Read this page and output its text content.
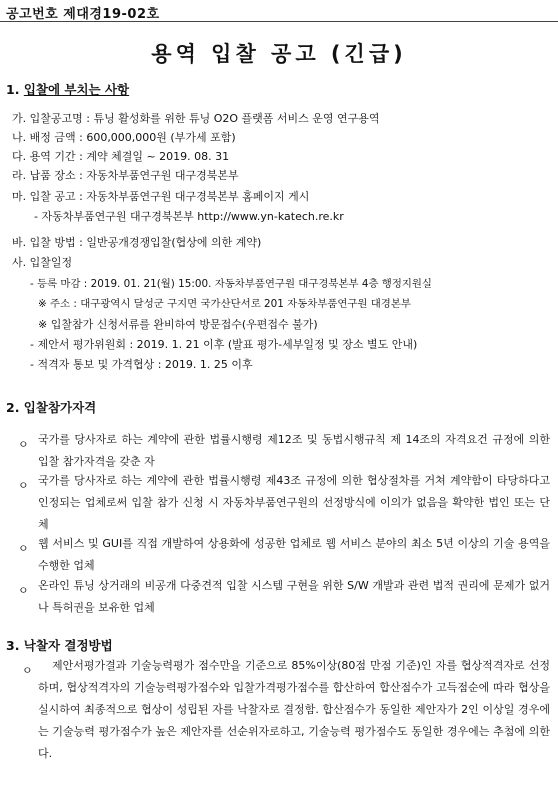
공고번호 제대경19-02호
용역 입찰 공고 (긴급)
1. 입찰에 부치는 사항
가. 입찰공고명 : 튜닝 활성화를 위한 튜닝 O2O 플랫폼 서비스 운영 연구용역
나. 배정 금액 : 600,000,000원 (부가세 포함)
다. 용역 기간 : 계약 체결일 ~ 2019. 08. 31
라. 납품 장소 : 자동차부품연구원 대구경북본부
마. 입찰 공고 : 자동차부품연구원 대구경북본부 홈페이지 게시
- 자동차부품연구원 대구경북본부 http://www.yn-katech.re.kr
바. 입찰 방법 : 일반공개경쟁입찰(협상에 의한 계약)
사. 입찰일정
- 등록 마감 : 2019. 01. 21(월) 15:00. 자동차부품연구원 대구경북본부 4층 행정지원실
※ 주소 : 대구광역시 달성군 구지면 국가산단서로 201 자동차부품연구원 대경본부
※ 입찰참가 신청서류를 완비하여 방문접수(우편접수 불가)
- 제안서 평가위원회 : 2019. 1. 21 이후 (발표 평가-세부일정 및 장소 별도 안내)
- 적격자 통보 및 가격협상 : 2019. 1. 25 이후
2. 입찰참가자격
ㅇ 국가를 당사자로 하는 계약에 관한 법률시행령 제12조 및 동법시행규칙 제 14조의 자격요건 규정에 의한 입찰 참가자격을 갖춘 자
ㅇ 국가를 당사자로 하는 계약에 관한 법률시행령 제43조 규정에 의한 협상절차를 거쳐 계약함이 타당하다고 인정되는 업체로써 입찰 참가 신청 시 자동차부품연구원의 선정방식에 이의가 없음을 확약한 법인 또는 단체
ㅇ 웹 서비스 및 GUI를 직접 개발하여 상용화에 성공한 업체로 웹 서비스 분야의 최소 5년 이상의 기술 용역을 수행한 업체
ㅇ 온라인 튜닝 상거래의 비공개 다중견적 입찰 시스템 구현을 위한 S/W 개발과 관련 법적 권리에 문제가 없거나 특허권을 보유한 업체
3. 낙찰자 결정방법
ㅇ	제안서평가결과 기술능력평가 점수만을 기준으로 85%이상(80점 만점 기준)인 자를 협상적격자로 선정하며, 협상적격자의 기술능력평가점수와 입찰가격평가점수를 합산하여 합산점수가 고득점순에 따라 협상을 실시하여 최종적으로 협상이 성립된 자를 낙찰자로 결정함. 합산점수가 동일한 제안자가 2인 이상일 경우에는 기술능력 평가점수가 높은 제안자를 선순위자로하고, 기술능력 평가점수도 동일한 경우에는 추첨에 의한다.
